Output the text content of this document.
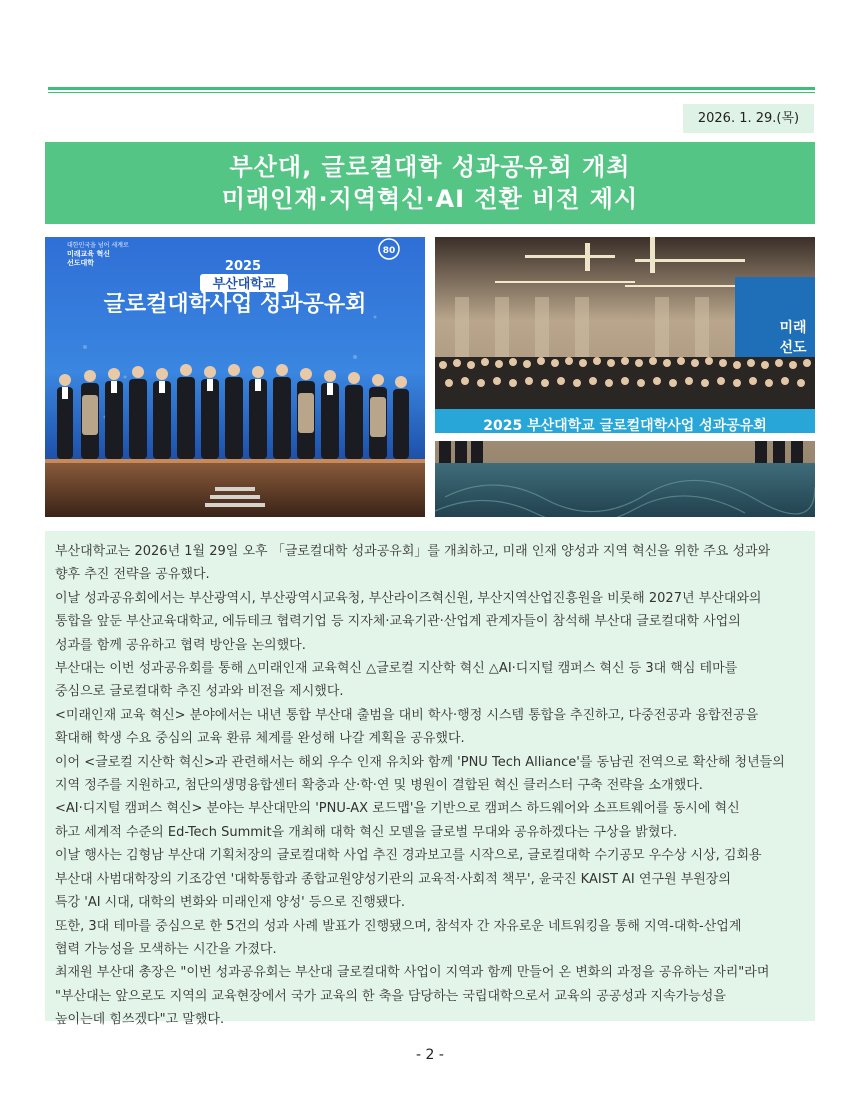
2026. 1. 29.(목)
부산대, 글로컬대학 성과공유회 개최
미래인재·지역혁신·AI 전환 비전 제시
대한민국을 넘어 세계로
미래교육 혁신
선도대학
80
2025
부산대학교
글로컬대학사업 성과공유회
미래
선도
2025 부산대학교 글로컬대학사업 성과공유회

부산대학교는 2026년 1월 29일 오후 「글로컬대학 성과공유회」를 개최하고, 미래 인재 양성과 지역 혁신을 위한 주요 성과와

향후 추진 전략을 공유했다.

이날 성과공유회에서는 부산광역시, 부산광역시교육청, 부산라이즈혁신원, 부산지역산업진흥원을 비롯해 2027년 부산대와의

통합을 앞둔 부산교육대학교, 에듀테크 협력기업 등 지자체·교육기관·산업계 관계자들이 참석해 부산대 글로컬대학 사업의

성과를 함께 공유하고 협력 방안을 논의했다.

부산대는 이번 성과공유회를 통해 △미래인재 교육혁신 △글로컬 지산학 혁신 △AI·디지털 캠퍼스 혁신 등 3대 핵심 테마를

중심으로 글로컬대학 추진 성과와 비전을 제시했다.

<미래인재 교육 혁신> 분야에서는 내년 통합 부산대 출범을 대비 학사·행정 시스템 통합을 추진하고, 다중전공과 융합전공을

확대해 학생 수요 중심의 교육 환류 체계를 완성해 나갈 계획을 공유했다.

이어 <글로컬 지산학 혁신>과 관련해서는 해외 우수 인재 유치와 함께 'PNU Tech Alliance'를 동남권 전역으로 확산해 청년들의

지역 정주를 지원하고, 첨단의생명융합센터 확충과 산·학·연 및 병원이 결합된 혁신 클러스터 구축 전략을 소개했다.

<AI·디지털 캠퍼스 혁신> 분야는 부산대만의 'PNU-AX 로드맵'을 기반으로 캠퍼스 하드웨어와 소프트웨어를 동시에 혁신

하고 세계적 수준의 Ed-Tech Summit을 개최해 대학 혁신 모델을 글로벌 무대와 공유하겠다는 구상을 밝혔다.

이날 행사는 김형남 부산대 기획처장의 글로컬대학 사업 추진 경과보고를 시작으로, 글로컬대학 수기공모 우수상 시상, 김회용

부산대 사범대학장의 기조강연 '대학통합과 종합교원양성기관의 교육적·사회적 책무', 윤국진 KAIST AI 연구원 부원장의

특강 'AI 시대, 대학의 변화와 미래인재 양성' 등으로 진행됐다.

또한, 3대 테마를 중심으로 한 5건의 성과 사례 발표가 진행됐으며, 참석자 간 자유로운 네트워킹을 통해 지역-대학-산업계

협력 가능성을 모색하는 시간을 가졌다.

최재원 부산대 총장은 "이번 성과공유회는 부산대 글로컬대학 사업이 지역과 함께 만들어 온 변화의 과정을 공유하는 자리"라며

"부산대는 앞으로도 지역의 교육현장에서 국가 교육의 한 축을 담당하는 국립대학으로서 교육의 공공성과 지속가능성을

높이는데 힘쓰겠다"고 말했다.

- 2 -
